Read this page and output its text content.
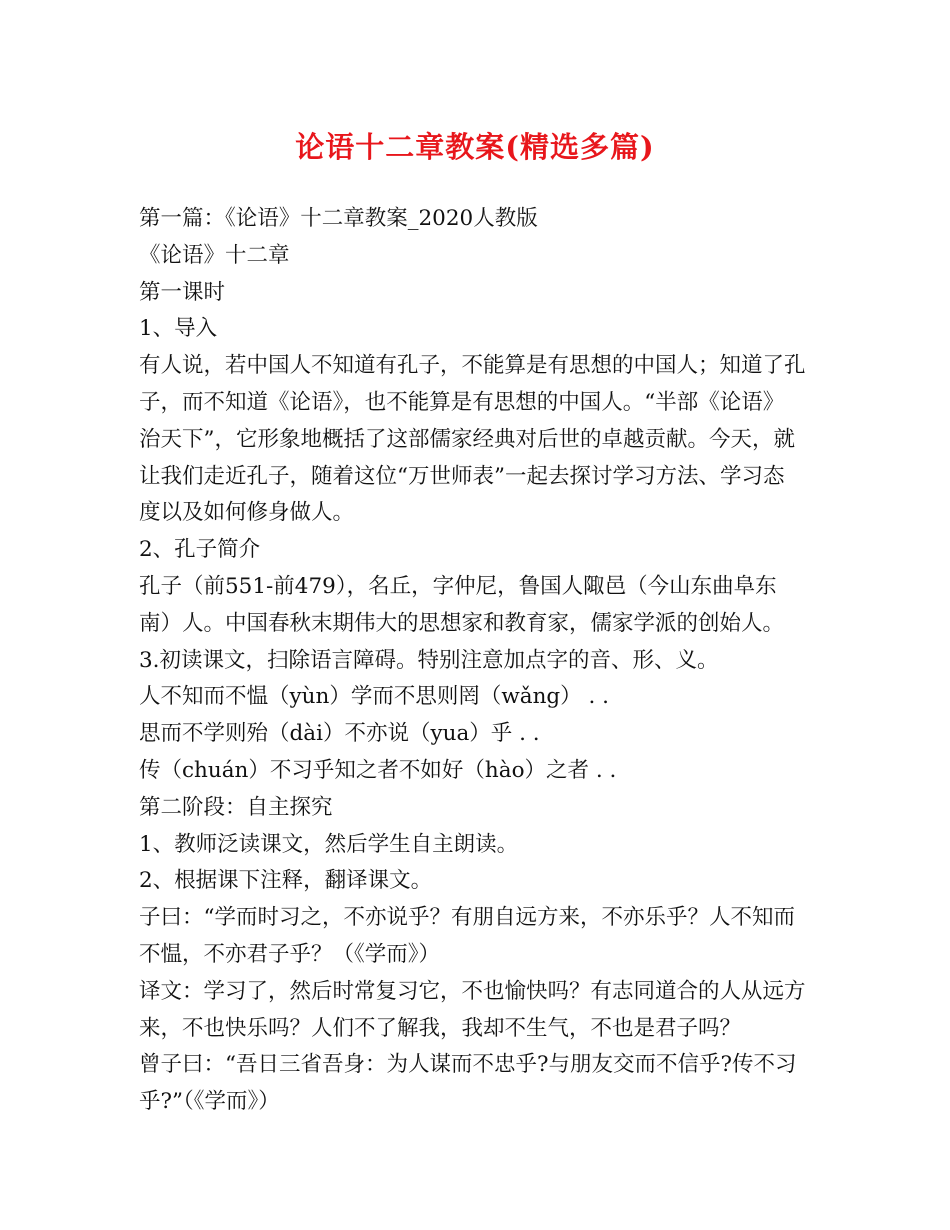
论语十二章教案(精选多篇)
第一篇：《论语》十二章教案_2020人教版
《论语》十二章
第一课时
1、导入
有人说，若中国人不知道有孔子，不能算是有思想的中国人；知道了孔
子，而不知道《论语》，也不能算是有思想的中国人。“半部《论语》
治天下”，它形象地概括了这部儒家经典对后世的卓越贡献。今天，就
让我们走近孔子，随着这位“万世师表”一起去探讨学习方法、学习态
度以及如何修身做人。
2、孔子简介
孔子（前551-前479），名丘，字仲尼，鲁国人陬邑（今山东曲阜东
南）人。中国春秋末期伟大的思想家和教育家，儒家学派的创始人。
3.初读课文，扫除语言障碍。特别注意加点字的音、形、义。
人不知而不愠（yùn）学而不思则罔（wǎng） . .
思而不学则殆（dài）不亦说（yua）乎 . .
传（chuán）不习乎知之者不如好（hào）之者 . .
第二阶段：自主探究
1、教师泛读课文，然后学生自主朗读。
2、根据课下注释，翻译课文。
子曰：“学而时习之，不亦说乎？有朋自远方来，不亦乐乎？人不知而
不愠，不亦君子乎？（《学而》）
译文：学习了，然后时常复习它，不也愉快吗？有志同道合的人从远方
来，不也快乐吗？人们不了解我，我却不生气，不也是君子吗？
曾子曰：“吾日三省吾身：为人谋而不忠乎?与朋友交而不信乎?传不习
乎?”（《学而》）
